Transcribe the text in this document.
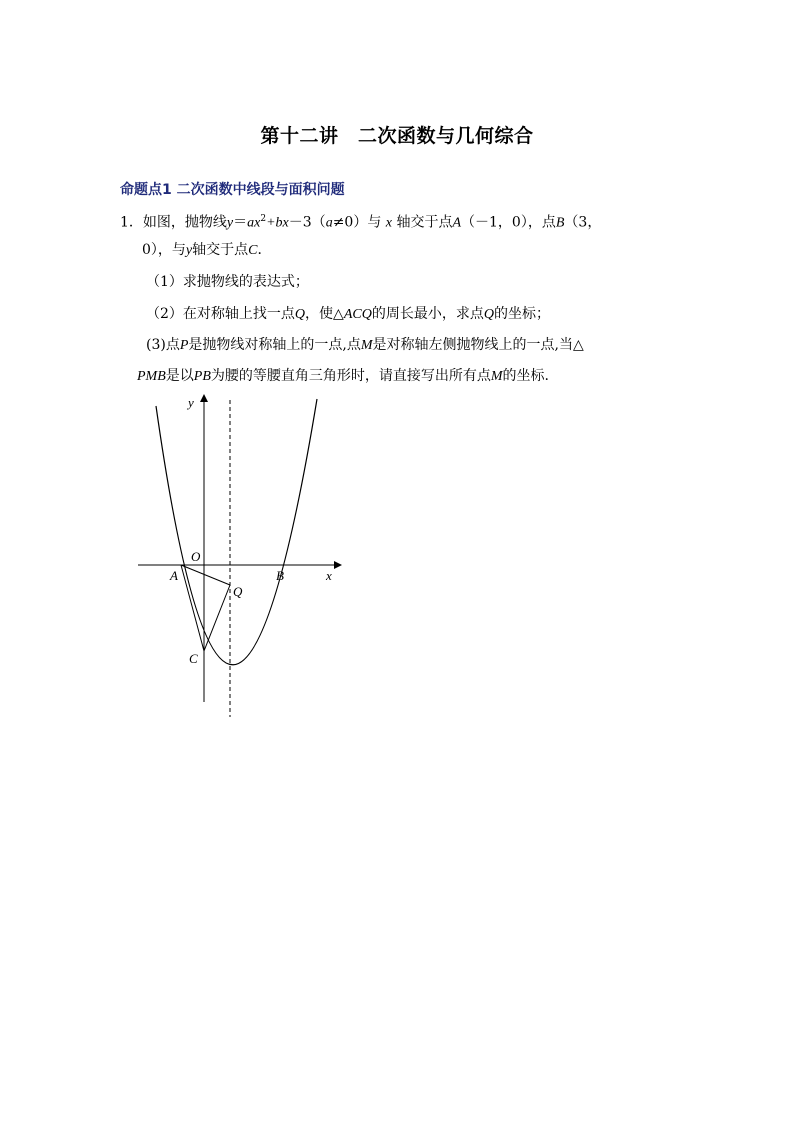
第十二讲　二次函数与几何综合
命题点1 二次函数中线段与面积问题
1．如图，抛物线$y=ax^2+bx-3(a\ne 0)$与 x 轴交于点A（－1，0），点B（3，
0），与y轴交于点C．
（1）求抛物线的表达式；
（2）在对称轴上找一点Q，使△ACQ的周长最小，求点Q的坐标；
(3)点P是抛物线对称轴上的一点,点M是对称轴左侧抛物线上的一点,当△
PMB是以PB为腰的等腰直角三角形时，请直接写出所有点M的坐标.
y
x
O
A	B
Q
C
